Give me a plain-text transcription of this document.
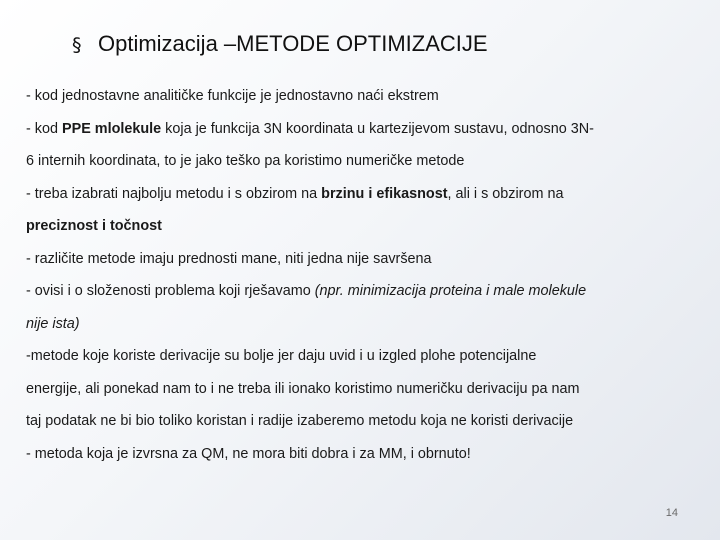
§ Optimizacija –METODE OPTIMIZACIJE
- kod jednostavne analitičke funkcije je jednostavno naći ekstrem
- kod PPE mlolekule koja je funkcija 3N koordinata u kartezijevom sustavu, odnosno 3N-
6 internih koordinata, to je jako teško pa koristimo numeričke metode
- treba izabrati najbolju metodu i s obzirom na brzinu i efikasnost, ali i s obzirom na
preciznost i točnost
- različite metode imaju prednosti mane, niti jedna nije savršena
- ovisi i o složenosti problema koji rješavamo (npr. minimizacija proteina i male molekule
nije ista)
-metode koje koriste derivacije su bolje jer daju uvid i u izgled plohe potencijalne
energije, ali ponekad nam to i ne treba ili ionako koristimo numeričku derivaciju pa nam
taj podatak ne bi bio toliko koristan i radije izaberemo metodu koja ne koristi derivacije
- metoda koja je izvrsna za QM, ne mora biti dobra i za MM, i obrnuto!
14
